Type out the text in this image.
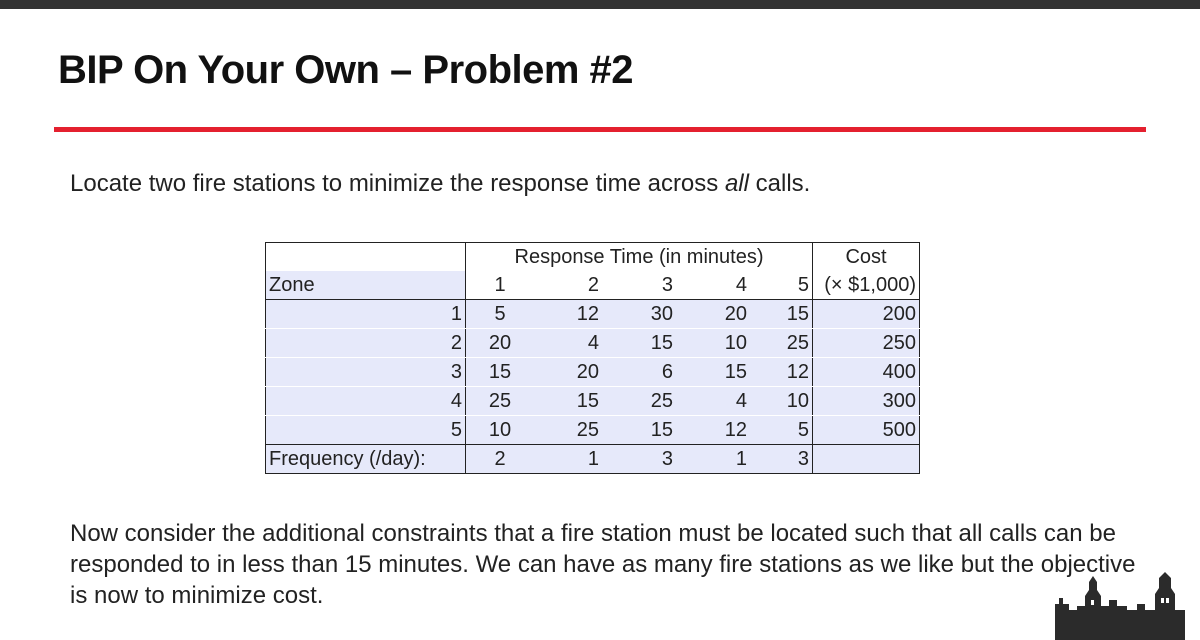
BIP On Your Own – Problem #2

Locate two fire stations to minimize the response time across all calls.

	Response Time (in minutes)					Cost
Zone	1	2	3	4	5	(× $1,000)
1	5	12	30	20	15	200
2	20	4	15	10	25	250
3	15	20	6	15	12	400
4	25	15	25	4	10	300
5	10	25	15	12	5	500
Frequency (/day):	2	1	3	1	3	

Now consider the additional constraints that a fire station must be located such that all calls can be responded to in less than 15 minutes. We can have as many fire stations as we like but the objective is now to minimize cost.
